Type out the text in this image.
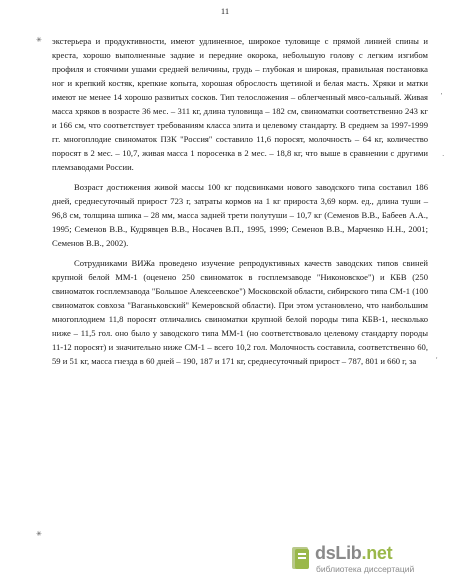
11
✳
✳
'
·
ʹ

экстерьера и продуктивности, имеют удлиненное, широкое туловище с прямой линией спины и креста, хорошо выполненные задние и передние окорока, небольшую голову с легким изгибом профиля и стоячими ушами средней величины, грудь – глубокая и широкая, правильная постановка ног и крепкий костяк, крепкие копыта, хорошая оброслость щетиной и белая масть. Хряки и матки имеют не менее 14 хорошо развитых сосков. Тип телосложения – облегченный мясо-сальный. Живая масса хряков в возрасте 36 мес. – 311 кг, длина туловища – 182 см, свиноматки соответственно 243 кг и 166 см, что соответствует требованиям класса элита и целевому стандарту. В среднем за 1997-1999 гг. многоплодие свиноматок ПЗК "Россия" составило 11,6 поросят, молочность – 64 кг, количество поросят в 2 мес. – 10,7, живая масса 1 поросенка в 2 мес. – 18,8 кг, что выше в сравнении с другими племзаводами России.

Возраст достижения живой массы 100 кг подсвинками нового заводского типа составил 186 дней, среднесуточный прирост 723 г, затраты кормов на 1 кг прироста 3,69 корм. ед., длина туши – 96,8 см, толщина шпика – 28 мм, масса задней трети полутуши – 10,7 кг (Семенов В.В., Бабеев А.А., 1995; Семенов В.В., Кудрявцев В.В., Носачев В.П., 1995, 1999; Семенов В.В., Марченко Н.Н., 2001; Семенов В.В., 2002).

Сотрудниками ВИЖа проведено изучение репродуктивных качеств заводских типов свиней крупной белой ММ-1 (оценено 250 свиноматок в госплемзаводе "Никоновское") и КБВ (250 свиноматок госплемзавода "Большое Алексеевское") Московской области, сибирского типа СМ-1 (100 свиноматок совхоза "Ваганьковский" Кемеровской области). При этом установлено, что наибольшим многоплодием 11,8 поросят отличались свиноматки крупной белой породы типа КБВ-1, несколько ниже – 11,5 гол. оно было у заводского типа ММ-1 (но соответствовало целевому стандарту породы 11-12 поросят) и значительно ниже СМ-1 – всего 10,2 гол. Молочность составила, соответственно 60, 59 и 51 кг, масса гнезда в 60 дней – 190, 187 и 171 кг, среднесуточный прирост – 787, 801 и 660 г, за

dsLib.net
библиотека диссертаций
